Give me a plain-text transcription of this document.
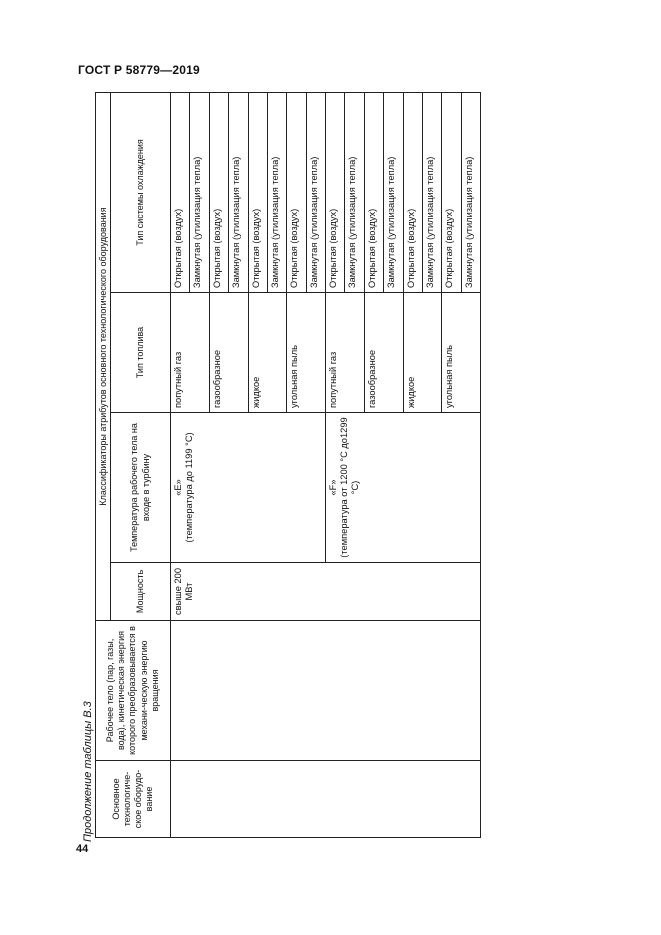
ГОСТ Р 58779—2019
44
Продолжение таблицы В.3 Основное технологиче-ское оборудо-вание	Рабочее тело (пар, газы, вода), кинетическая энергия которого преобразовывается в механи-ческую энергию вращения	Классификаторы атрибутов основного технологического оборудования			
		Мощность	Температура рабочего тела на входе в турбину	Тип топлива	Тип системы охлаждения
		свыше 200 МВт	«Е» (температура до 1199 °С)	попутный газ	Открытая (воздух)
					Замкнутая (утилизация тепла)
				газообразное	Открытая (воздух)
					Замкнутая (утилизация тепла)
				жидкое	Открытая (воздух)
					Замкнутая (утилизация тепла)
				угольная пыль	Открытая (воздух)
					Замкнутая (утилизация тепла)

			«F» (температура от 1200 °С до1299 °С)	попутный газ	Открытая (воздух)
					Замкнутая (утилизация тепла)
				газообразное	Открытая (воздух)
					Замкнутая (утилизация тепла)
				жидкое	Открытая (воздух)
					Замкнутая (утилизация тепла)
				угольная пыль	Открытая (воздух)
					Замкнутая (утилизация тепла)
